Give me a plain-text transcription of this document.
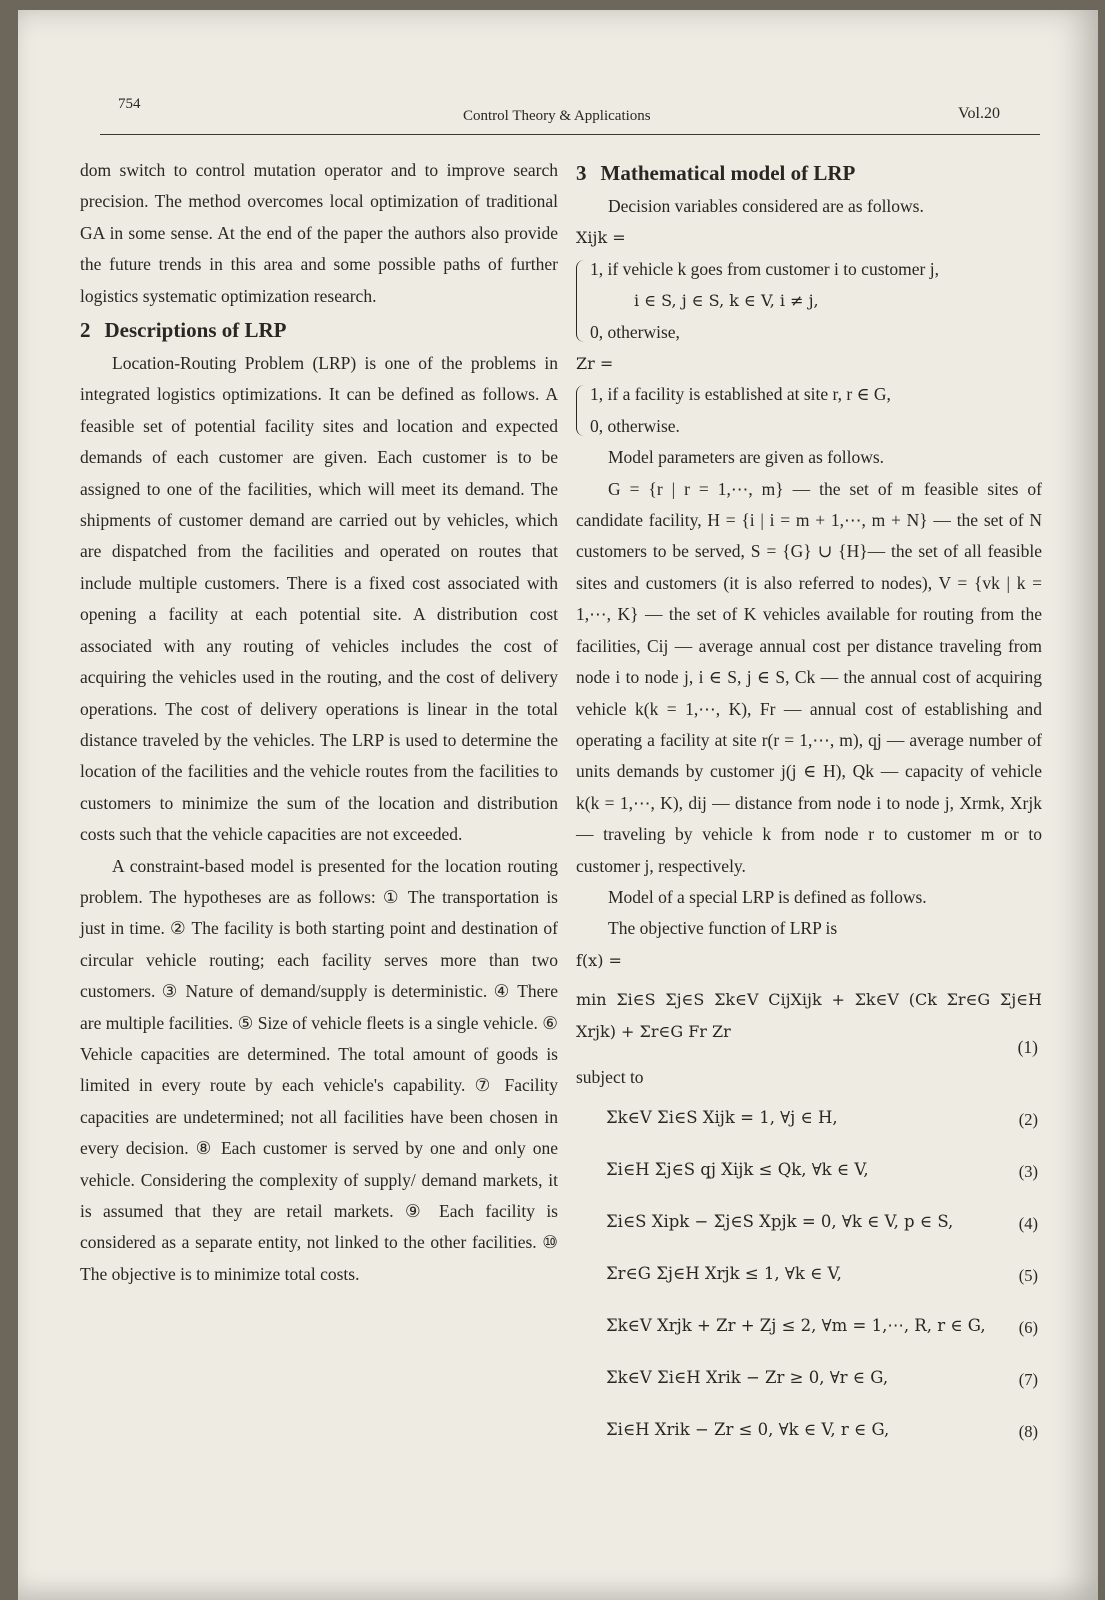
754
Control Theory & Applications	Vol.20

dom switch to control mutation operator and to improve search precision. The method overcomes local optimization of traditional GA in some sense. At the end of the paper the authors also provide the future trends in this area and some possible paths of further logistics systematic optimization research.

2 Descriptions of LRP

Location-Routing Problem (LRP) is one of the problems in integrated logistics optimizations. It can be defined as follows. A feasible set of potential facility sites and location and expected demands of each customer are given. Each customer is to be assigned to one of the facilities, which will meet its demand. The shipments of customer demand are carried out by vehicles, which are dispatched from the facilities and operated on routes that include multiple customers. There is a fixed cost associated with opening a facility at each potential site. A distribution cost associated with any routing of vehicles includes the cost of acquiring the vehicles used in the routing, and the cost of delivery operations. The cost of delivery operations is linear in the total distance traveled by the vehicles. The LRP is used to determine the location of the facilities and the vehicle routes from the facilities to customers to minimize the sum of the location and distribution costs such that the vehicle capacities are not exceeded.

A constraint-based model is presented for the location routing problem. The hypotheses are as follows: ① The transportation is just in time. ② The facility is both starting point and destination of circular vehicle routing; each facility serves more than two customers. ③ Nature of demand/supply is deterministic. ④ There are multiple facilities. ⑤ Size of vehicle fleets is a single vehicle. ⑥ Vehicle capacities are determined. The total amount of goods is limited in every route by each vehicle's capability. ⑦ Facility capacities are undetermined; not all facilities have been chosen in every decision. ⑧ Each customer is served by one and only one vehicle. Considering the complexity of supply/ demand markets, it is assumed that they are retail markets. ⑨ Each facility is considered as a separate entity, not linked to the other facilities. ⑩ The objective is to minimize total costs.

3 Mathematical model of LRP

Decision variables considered are as follows.

Xijk =

1, if vehicle k goes from customer i to customer j,

i ∈ S, j ∈ S, k ∈ V, i ≠ j,

0, otherwise,

Zr =

1, if a facility is established at site r, r ∈ G,

0, otherwise.

Model parameters are given as follows.

G = {r | r = 1,⋯, m} — the set of m feasible sites of candidate facility, H = {i | i = m + 1,⋯, m + N} — the set of N customers to be served, S = {G} ∪ {H}— the set of all feasible sites and customers (it is also referred to nodes), V = {vk | k = 1,⋯, K} — the set of K vehicles available for routing from the facilities, Cij — average annual cost per distance traveling from node i to node j, i ∈ S, j ∈ S, Ck — the annual cost of acquiring vehicle k(k = 1,⋯, K), Fr — annual cost of establishing and operating a facility at site r(r = 1,⋯, m), qj — average number of units demands by customer j(j ∈ H), Qk — capacity of vehicle k(k = 1,⋯, K), dij — distance from node i to node j, Xrmk, Xrjk — traveling by vehicle k from node r to customer m or to customer j, respectively.

Model of a special LRP is defined as follows.

The objective function of LRP is

f(x) =

min Σi∈S Σj∈S Σk∈V CijXijk + Σk∈V (Ck Σr∈G Σj∈H Xrjk) + Σr∈G Fr Zr
(1)

subject to

Σk∈V Σi∈S Xijk = 1, ∀j ∈ H,	(2)
Σi∈H Σj∈S qj Xijk ≤ Qk, ∀k ∈ V,	(3)
Σi∈S Xipk − Σj∈S Xpjk = 0, ∀k ∈ V, p ∈ S,	(4)
Σr∈G Σj∈H Xrjk ≤ 1, ∀k ∈ V,	(5)
Σk∈V Xrjk + Zr + Zj ≤ 2, ∀m = 1,⋯, R, r ∈ G, (6)
Σk∈V Σi∈H Xrik − Zr ≥ 0, ∀r ∈ G,	(7)
Σi∈H Xrik − Zr ≤ 0, ∀k ∈ V, r ∈ G,	(8)
